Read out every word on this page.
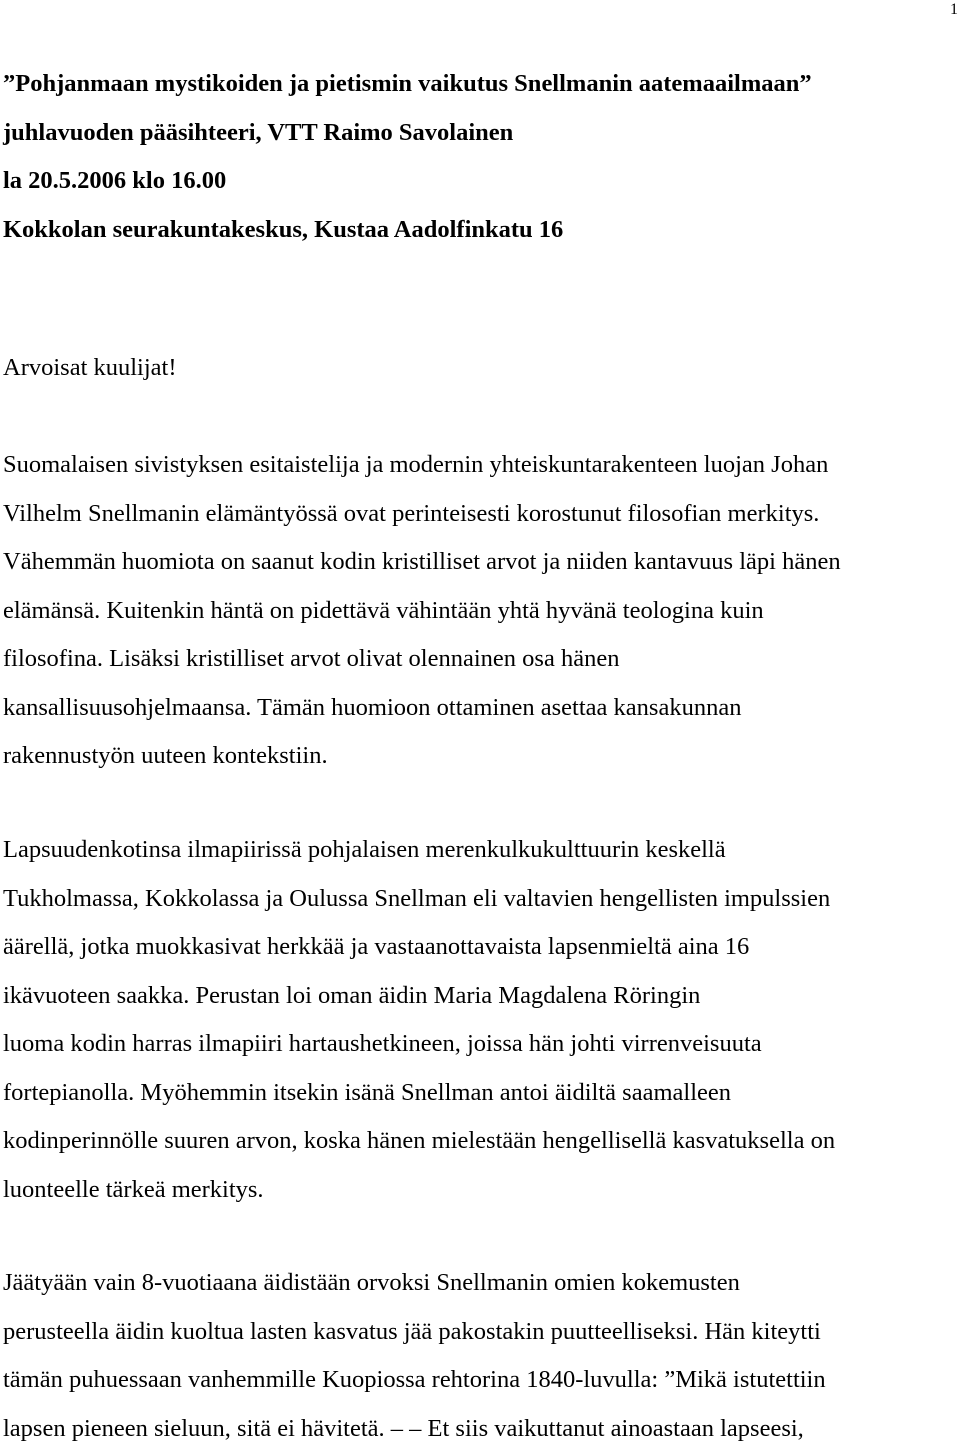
1
”Pohjanmaan mystikoiden ja pietismin vaikutus Snellmanin aatemaailmaan”
juhlavuoden pääsihteeri, VTT Raimo Savolainen
la 20.5.2006 klo 16.00
Kokkolan seurakuntakeskus, Kustaa Aadolfinkatu 16
Arvoisat kuulijat!
Suomalaisen sivistyksen esitaistelija ja modernin yhteiskuntarakenteen luojan Johan
Vilhelm Snellmanin elämäntyössä ovat perinteisesti korostunut filosofian merkitys.
Vähemmän huomiota on saanut kodin kristilliset arvot ja niiden kantavuus läpi hänen
elämänsä. Kuitenkin häntä on pidettävä vähintään yhtä hyvänä teologina kuin
filosofina. Lisäksi kristilliset arvot olivat olennainen osa hänen
kansallisuusohjelmaansa. Tämän huomioon ottaminen asettaa kansakunnan
rakennustyön uuteen kontekstiin.
Lapsuudenkotinsa ilmapiirissä pohjalaisen merenkulkukulttuurin keskellä
Tukholmassa, Kokkolassa ja Oulussa Snellman eli valtavien hengellisten impulssien
äärellä, jotka muokkasivat herkkää ja vastaanottavaista lapsenmieltä aina 16
ikävuoteen saakka. Perustan loi oman äidin Maria Magdalena Röringin
luoma kodin harras ilmapiiri hartaushetkineen, joissa hän johti virrenveisuuta
fortepianolla. Myöhemmin itsekin isänä Snellman antoi äidiltä saamalleen
kodinperinnölle suuren arvon, koska hänen mielestään hengellisellä kasvatuksella on
luonteelle tärkeä merkitys.
Jäätyään vain 8-vuotiaana äidistään orvoksi Snellmanin omien kokemusten
perusteella äidin kuoltua lasten kasvatus jää pakostakin puutteelliseksi. Hän kiteytti
tämän puhuessaan vanhemmille Kuopiossa rehtorina 1840-luvulla: ”Mikä istutettiin
lapsen pieneen sieluun, sitä ei hävitetä. – – Et siis vaikuttanut ainoastaan lapseesi,
